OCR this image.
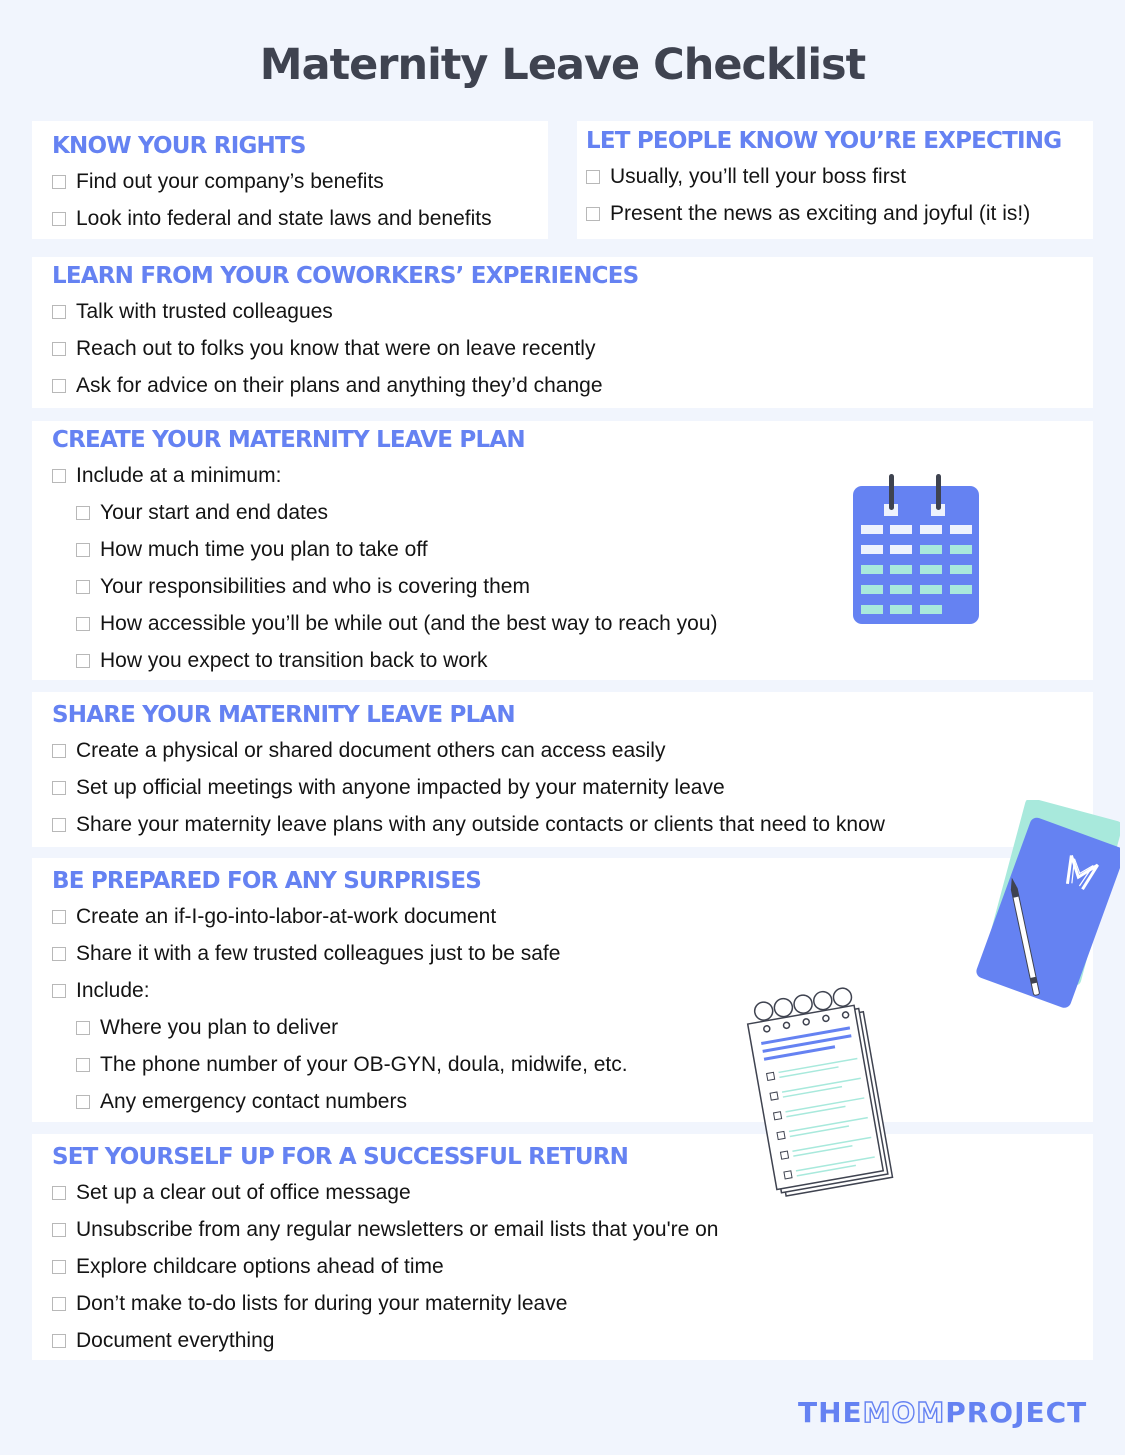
Maternity Leave Checklist
KNOW YOUR RIGHTS
Find out your company’s benefits
Look into federal and state laws and benefits
LET PEOPLE KNOW YOU’RE EXPECTING
Usually, you’ll tell your boss first
Present the news as exciting and joyful (it is!)
LEARN FROM YOUR COWORKERS’ EXPERIENCES
Talk with trusted colleagues
Reach out to folks you know that were on leave recently
Ask for advice on their plans and anything they’d change
CREATE YOUR MATERNITY LEAVE PLAN
Include at a minimum:
Your start and end dates
How much time you plan to take off
Your responsibilities and who is covering them
How accessible you’ll be while out (and the best way to reach you)
How you expect to transition back to work
SHARE YOUR MATERNITY LEAVE PLAN
Create a physical or shared document others can access easily
Set up official meetings with anyone impacted by your maternity leave
Share your maternity leave plans with any outside contacts or clients that need to know
BE PREPARED FOR ANY SURPRISES
Create an if-I-go-into-labor-at-work document
Share it with a few trusted colleagues just to be safe
Include:
Where you plan to deliver
The phone number of your OB-GYN, doula, midwife, etc.
Any emergency contact numbers
SET YOURSELF UP FOR A SUCCESSFUL RETURN
Set up a clear out of office message
Unsubscribe from any regular newsletters or email lists that you're on
Explore childcare options ahead of time
Don’t make to-do lists for during your maternity leave
Document everything
THE MOM PROJECT
